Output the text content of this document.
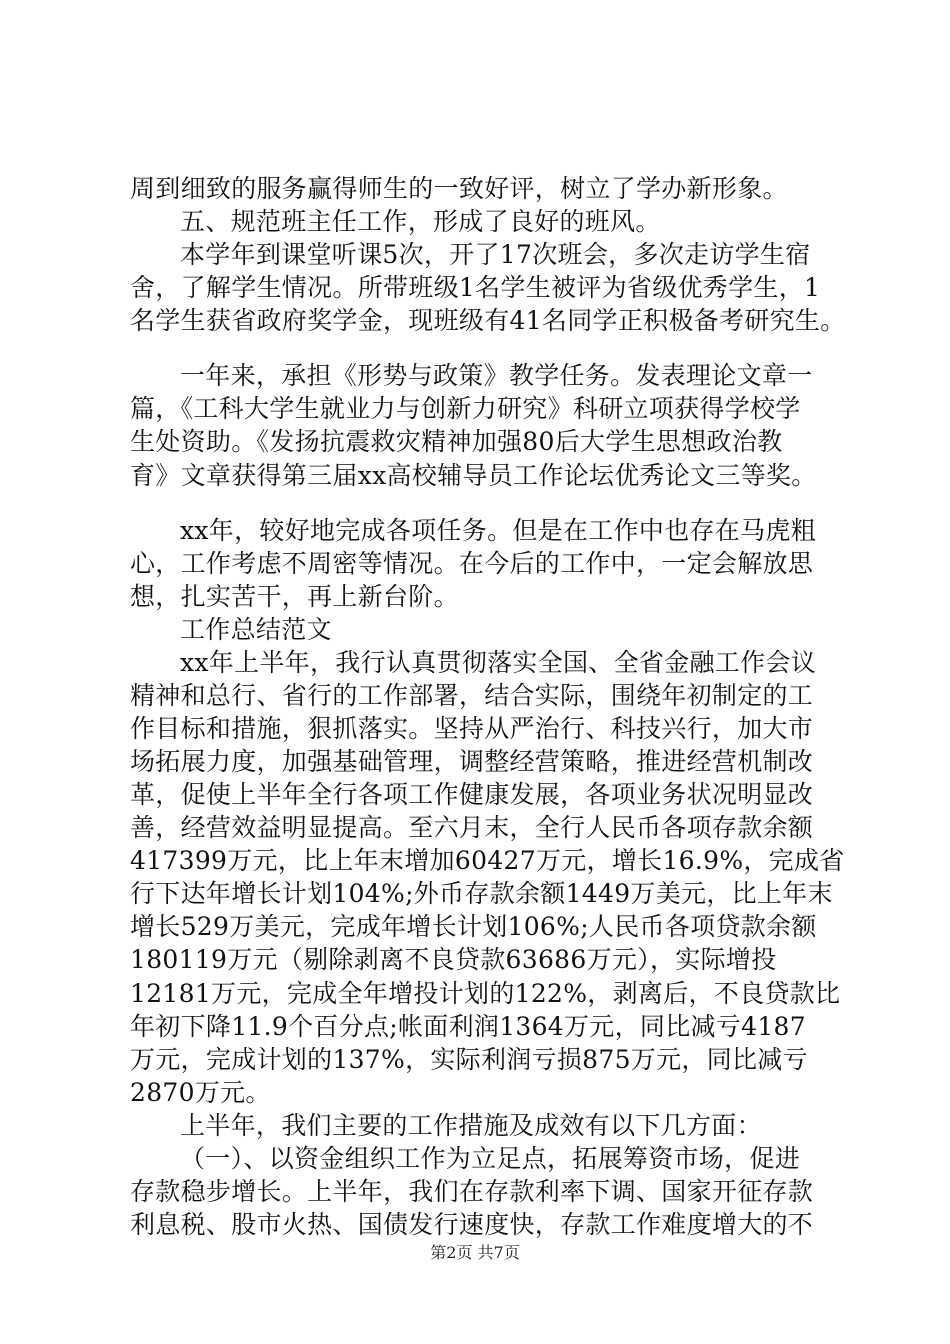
周到细致的服务赢得师生的一致好评，树立了学办新形象。
五、规范班主任工作，形成了良好的班风。
本学年到课堂听课5次，开了17次班会，多次走访学生宿
舍，了解学生情况。所带班级1名学生被评为省级优秀学生，1
名学生获省政府奖学金，现班级有41名同学正积极备考研究生。
一年来，承担《形势与政策》教学任务。发表理论文章一
篇，《工科大学生就业力与创新力研究》科研立项获得学校学
生处资助。《发扬抗震救灾精神加强80后大学生思想政治教
育》文章获得第三届xx高校辅导员工作论坛优秀论文三等奖。
xx年，较好地完成各项任务。但是在工作中也存在马虎粗
心，工作考虑不周密等情况。在今后的工作中，一定会解放思
想，扎实苦干，再上新台阶。
工作总结范文
xx年上半年，我行认真贯彻落实全国、全省金融工作会议
精神和总行、省行的工作部署，结合实际，围绕年初制定的工
作目标和措施，狠抓落实。坚持从严治行、科技兴行，加大市
场拓展力度，加强基础管理，调整经营策略，推进经营机制改
革，促使上半年全行各项工作健康发展，各项业务状况明显改
善，经营效益明显提高。至六月末，全行人民币各项存款余额
417399万元，比上年末增加60427万元，增长16.9%，完成省
行下达年增长计划104%;外币存款余额1449万美元，比上年末
增长529万美元，完成年增长计划106%;人民币各项贷款余额
180119万元（剔除剥离不良贷款63686万元），实际增投
12181万元，完成全年增投计划的122%，剥离后，不良贷款比
年初下降11.9个百分点;帐面利润1364万元，同比减亏4187
万元，完成计划的137%，实际利润亏损875万元，同比减亏
2870万元。
上半年，我们主要的工作措施及成效有以下几方面：
（一）、以资金组织工作为立足点，拓展筹资市场，促进
存款稳步增长。上半年，我们在存款利率下调、国家开征存款
第2页 共7页
利息税、股市火热、国债发行速度快，存款工作难度增大的不
